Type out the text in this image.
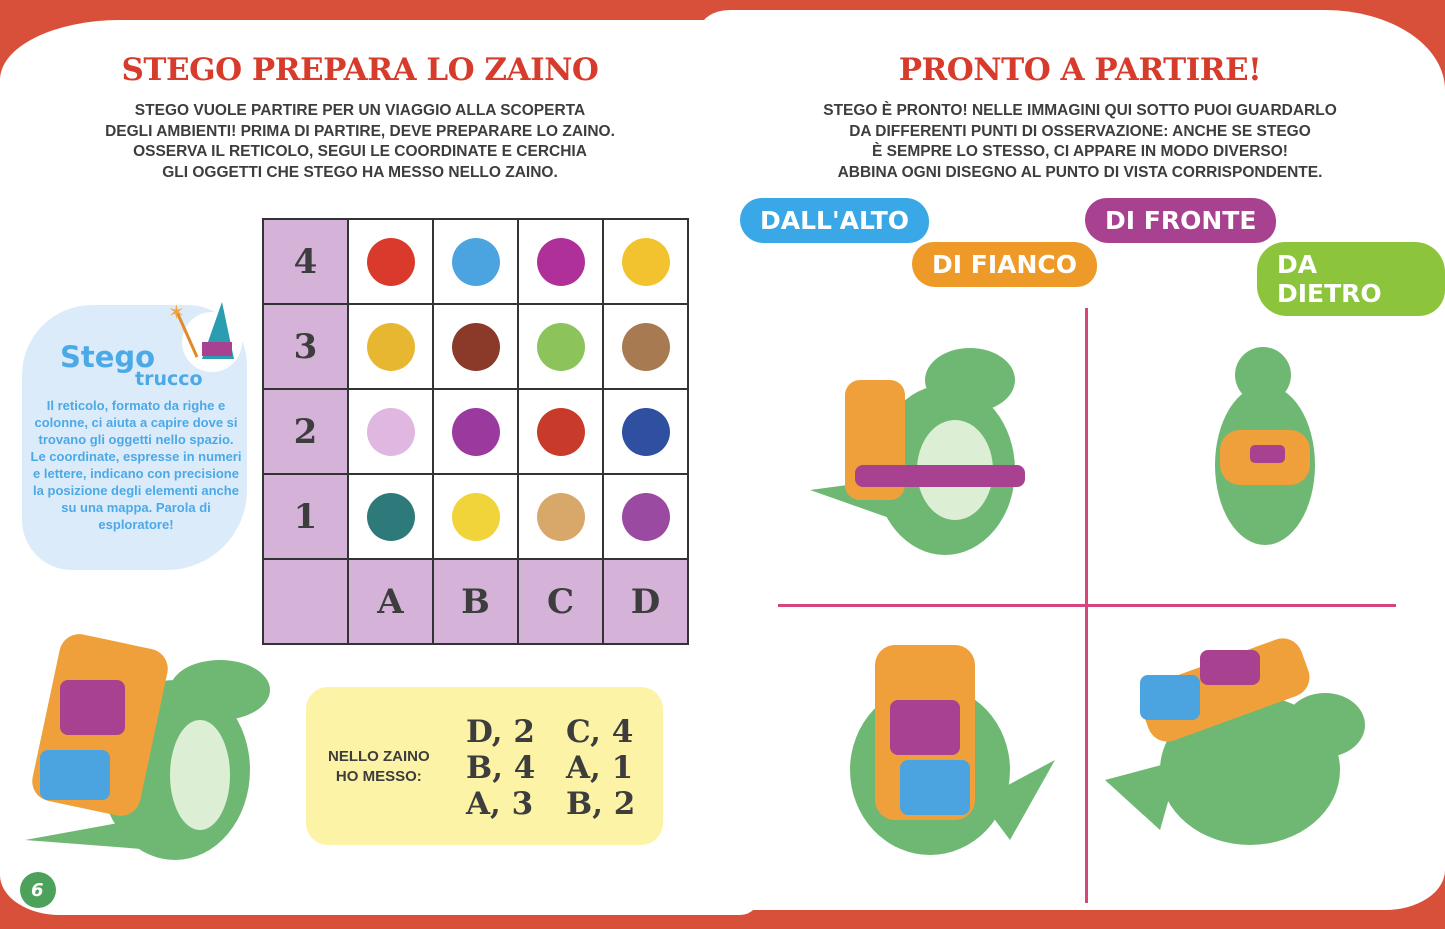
STEGO PREPARA LO ZAINO
STEGO VUOLE PARTIRE PER UN VIAGGIO ALLA SCOPERTA
DEGLI AMBIENTI! PRIMA DI PARTIRE, DEVE PREPARARE LO ZAINO.
OSSERVA IL RETICOLO, SEGUI LE COORDINATE E CERCHIA
GLI OGGETTI CHE STEGO HA MESSO NELLO ZAINO.
4
3
2
1
A	B	C	D
✶
Stego
trucco

Il reticolo, formato da righe e colonne, ci aiuta a capire dove si trovano gli oggetti nello spazio. Le coordinate, espresse in numeri e lettere, indicano con precisione la posizione degli elementi anche su una mappa. Parola di esploratore!

NELLO ZAINO
HO MESSO:
D, 2	C, 4
B, 4 A, 1
A, 3	B, 2
6	7
PRONTO A PARTIRE!
STEGO È PRONTO! NELLE IMMAGINI QUI SOTTO PUOI GUARDARLO
DA DIFFERENTI PUNTI DI OSSERVAZIONE: ANCHE SE STEGO
È SEMPRE LO STESSO, CI APPARE IN MODO DIVERSO!
ABBINA OGNI DISEGNO AL PUNTO DI VISTA CORRISPONDENTE.
DALL'ALTO
DI FIANCO
DI FRONTE
DA DIETRO
